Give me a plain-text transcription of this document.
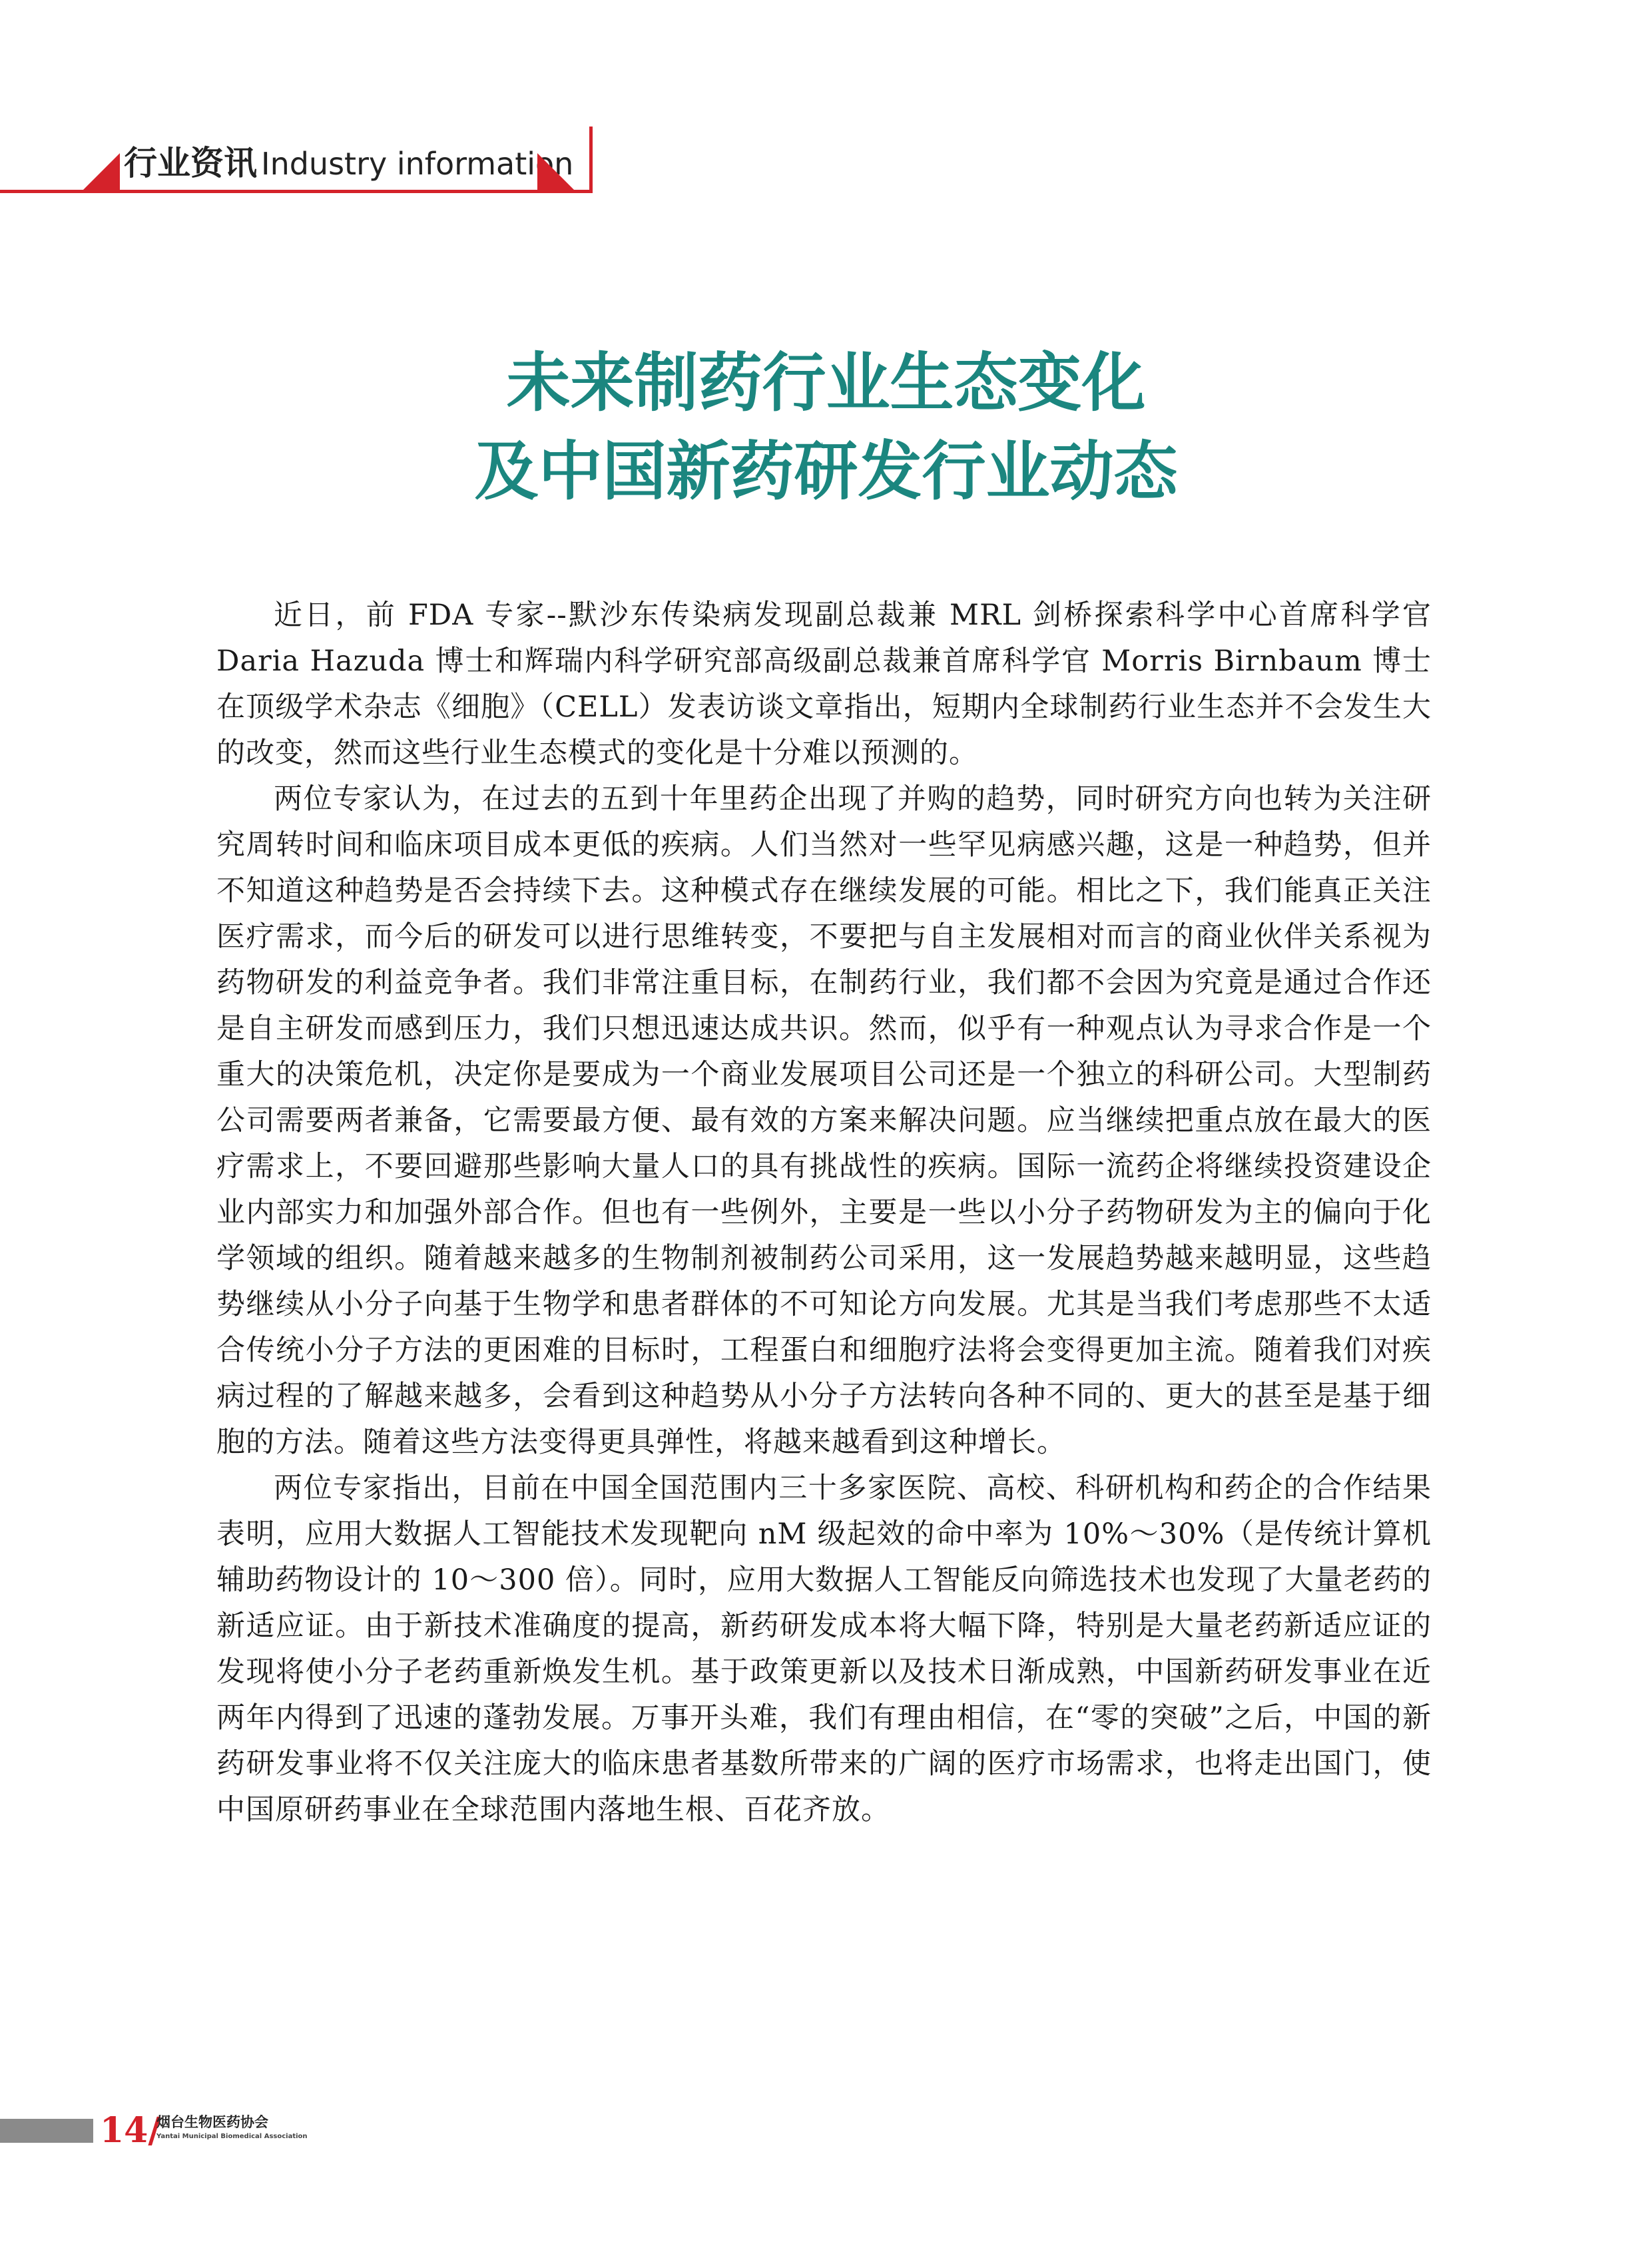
行业资讯 Industry information
未来制药行业生态变化
及中国新药研发行业动态

近日，前 FDA 专家--默沙东传染病发现副总裁兼 MRL 剑桥探索科学中心首席科学官 Daria Hazuda 博士和辉瑞内科学研究部高级副总裁兼首席科学官 Morris Birnbaum 博士在顶级学术杂志《细胞》（CELL）发表访谈文章指出，短期内全球制药行业生态并不会发生大的改变，然而这些行业生态模式的变化是十分难以预测的。

两位专家认为，在过去的五到十年里药企出现了并购的趋势，同时研究方向也转为关注研究周转时间和临床项目成本更低的疾病。人们当然对一些罕见病感兴趣，这是一种趋势，但并不知道这种趋势是否会持续下去。这种模式存在继续发展的可能。相比之下，我们能真正关注医疗需求，而今后的研发可以进行思维转变，不要把与自主发展相对而言的商业伙伴关系视为药物研发的利益竞争者。我们非常注重目标，在制药行业，我们都不会因为究竟是通过合作还是自主研发而感到压力，我们只想迅速达成共识。然而，似乎有一种观点认为寻求合作是一个重大的决策危机，决定你是要成为一个商业发展项目公司还是一个独立的科研公司。大型制药公司需要两者兼备，它需要最方便、最有效的方案来解决问题。应当继续把重点放在最大的医疗需求上，不要回避那些影响大量人口的具有挑战性的疾病。国际一流药企将继续投资建设企业内部实力和加强外部合作。但也有一些例外，主要是一些以小分子药物研发为主的偏向于化学领域的组织。随着越来越多的生物制剂被制药公司采用，这一发展趋势越来越明显，这些趋势继续从小分子向基于生物学和患者群体的不可知论方向发展。尤其是当我们考虑那些不太适合传统小分子方法的更困难的目标时，工程蛋白和细胞疗法将会变得更加主流。随着我们对疾病过程的了解越来越多，会看到这种趋势从小分子方法转向各种不同的、更大的甚至是基于细胞的方法。随着这些方法变得更具弹性，将越来越看到这种增长。

两位专家指出，目前在中国全国范围内三十多家医院、高校、科研机构和药企的合作结果表明，应用大数据人工智能技术发现靶向 nM 级起效的命中率为 10%～30%（是传统计算机辅助药物设计的 10～300 倍）。同时，应用大数据人工智能反向筛选技术也发现了大量老药的新适应证。由于新技术准确度的提高，新药研发成本将大幅下降，特别是大量老药新适应证的发现将使小分子老药重新焕发生机。基于政策更新以及技术日渐成熟，中国新药研发事业在近两年内得到了迅速的蓬勃发展。万事开头难，我们有理由相信，在“零的突破”之后，中国的新药研发事业将不仅关注庞大的临床患者基数所带来的广阔的医疗市场需求，也将走出国门，使中国原研药事业在全球范围内落地生根、百花齐放。

14/
烟台生物医药协会
Yantai Municipal Biomedical Association
